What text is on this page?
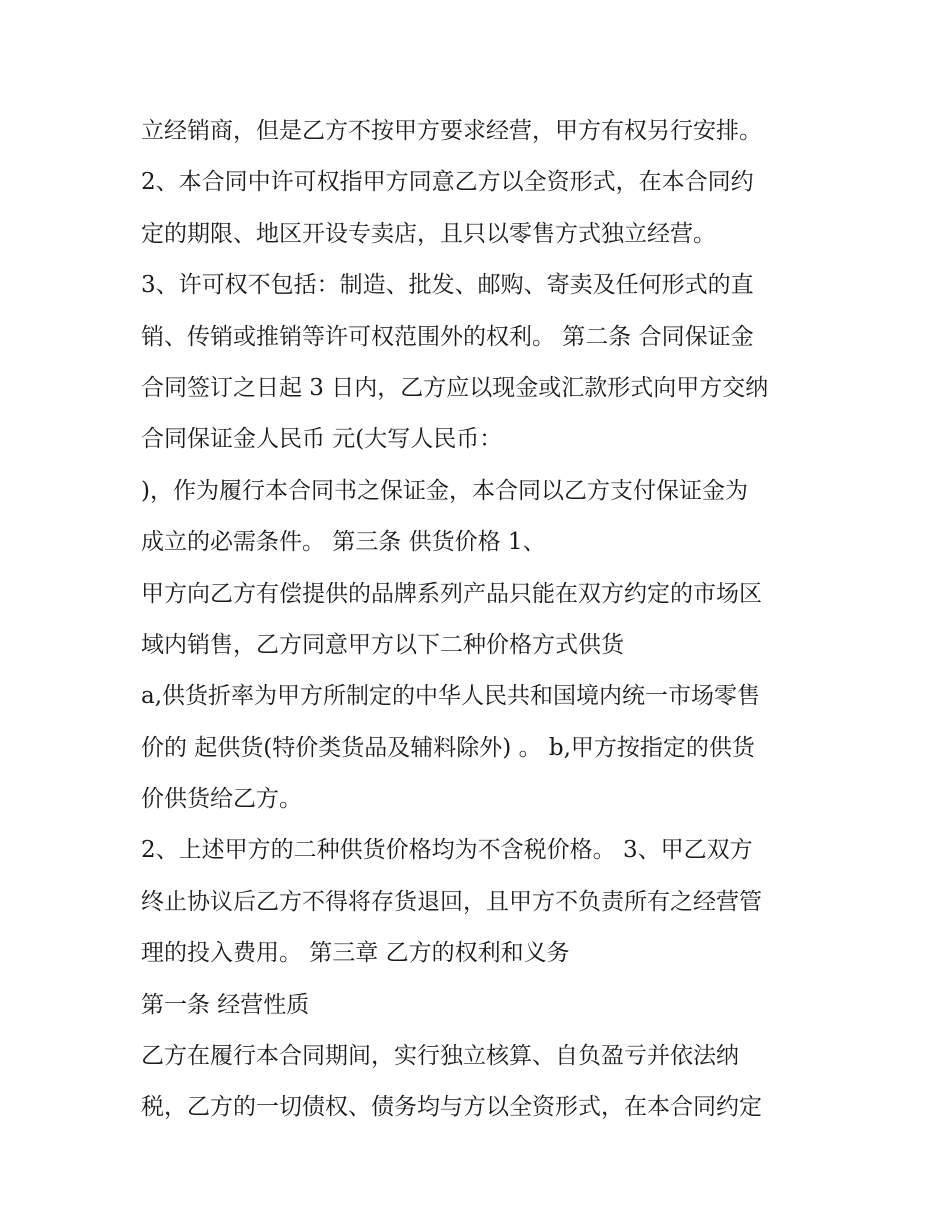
立经销商，但是乙方不按甲方要求经营，甲方有权另行安排。
2、本合同中许可权指甲方同意乙方以全资形式，在本合同约
定的期限、地区开设专卖店，且只以零售方式独立经营。
3、许可权不包括：制造、批发、邮购、寄卖及任何形式的直
销、传销或推销等许可权范围外的权利。 第二条 合同保证金
合同签订之日起 3 日内，乙方应以现金或汇款形式向甲方交纳
合同保证金人民币 元(大写人民币：
)，作为履行本合同书之保证金，本合同以乙方支付保证金为
成立的必需条件。 第三条 供货价格 1、
甲方向乙方有偿提供的品牌系列产品只能在双方约定的市场区
域内销售，乙方同意甲方以下二种价格方式供货
a,供货折率为甲方所制定的中华人民共和国境内统一市场零售
价的 起供货(特价类货品及辅料除外) 。 b,甲方按指定的供货
价供货给乙方。
2、上述甲方的二种供货价格均为不含税价格。 3、甲乙双方
终止协议后乙方不得将存货退回，且甲方不负责所有之经营管
理的投入费用。 第三章 乙方的权利和义务
第一条 经营性质
乙方在履行本合同期间，实行独立核算、自负盈亏并依法纳
税，乙方的一切债权、债务均与方以全资形式，在本合同约定
